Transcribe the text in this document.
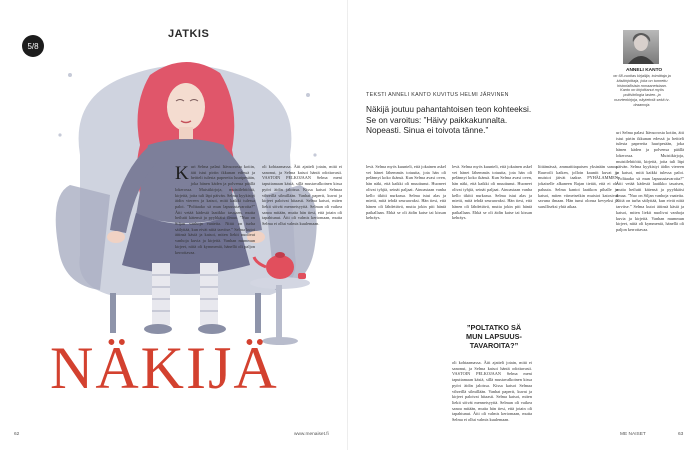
5/8
JATKIS
NÄKIJÄ

Kuri Selma palasi Itävuorosta kotiin, äiti istui pirtin ikkunan edessä ja heitteli tulesta papereita luuripesään, joka hänen käden ja polvensa päällä lokerossa. Muistikirjoja, muistilehtiöitä, kirjeitä, joita tuli läpi päivän. Selma kyykistyi äidin viereen ja katsoi, mitä kaikki tulessa paloi. ”Polttaako sä mun lapsuustavaroita?” Äiti vetää kädestä laatikko tasaisen, mutta heilutti kätensä ja pyyhkäisi ilmaa. ”Nuo on Siljan vanhoja vaateita. Niitä on turha säilyttää, kun eivät niitä tarvitse.” Selma kutoi äitinsä käsiä ja katsoi, miten liekit nuolivat vanhoja kuvia ja kirjeitä. Vanhan mummun kirjeet, niitä oli kymmeniä, hänellä oli paljon kerrottavaa.

oli kohtaamassa. Äiti ajatteli jotain, mitä ei sanonut, ja Selma katsoi häntä odottavasti. VASTOIN PELKOJAAN Selma meni taputtamaan käsiä, sillä mustavalkoinen kissa pyöri äidin jaloissa. Kissa katsoi Selmaa vihreillä silmillään. Vanhat paperit, kuvat ja kirjeet paloivat hitaasti. Selma katsoi, miten liekit söivät menneisyyttä. Selman oli vaikea sanoa mitään, mutta hän tiesi, että jotain oli tapahtunut. Äiti oli valmis kertomaan, mutta Selma ei ollut valmis kuulemaan.

62	www.menaiset.fi
ANNELI KANTO
on 68-vuotias kirjailija, toimittaja ja käsikirjoittaja, joka on tunnettu historiallisista romaaneistaan. Kanto on kirjoittanut myös poliisitrilogia lasten- ja nuortenkirjoja, näytelmiä sekä tv-draamoja.
TEKSTI ANNELI KANTO KUVITUS HELMI JÄRVINEN
Näkijä joutuu pahantahtoisen teon kohteeksi.
Se on varoitus: ”Häivy paikkakunnalta.
Nopeasti. Sinua ei toivota tänne.”

levä. Selma myös kuunteli, että jokainen askel vei hänet lähemmäs totuutta, jota hän oli pelännyt koko ikänsä. Kun Selma avasi oven, hän näki, että kaikki oli muuttunut. Huoneet olivat tyhjiä, seinät paljaat. Ainoastaan vanha kello tikitti nurkassa. Selma istui alas ja mietti, mitä tehdä seuraavaksi. Hän tiesi, että hänen oli lähdettävä, mutta jokin piti häntä paikallaan. Ehkä se oli äidin katse tai kissan kehräys.

levä. Selma myös kuunteli, että jokainen askel vei hänet lähemmäs totuutta, jota hän oli pelännyt koko ikänsä. Kun Selma avasi oven, hän näki, että kaikki oli muuttunut. Huoneet olivat tyhjiä, seinät paljaat. Ainoastaan vanha kello tikitti nurkassa. Selma istui alas ja mietti, mitä tehdä seuraavaksi. Hän tiesi, että hänen oli lähdettävä, mutta jokin piti häntä paikallaan. Ehkä se oli äidin katse tai kissan kehräys.

”POLTATKO SÄ MUN LAPSUUS-TAVAROITA?”

oli kohtaamassa. Äiti ajatteli jotain, mitä ei sanonut, ja Selma katsoi häntä odottavasti. VASTOIN PELKOJAAN Selma meni taputtamaan käsiä, sillä mustavalkoinen kissa pyöri äidin jaloissa. Kissa katsoi Selmaa vihreillä silmillään. Vanhat paperit, kuvat ja kirjeet paloivat hitaasti. Selma katsoi, miten liekit söivät menneisyyttä. Selman oli vaikea sanoa mitään, mutta hän tiesi, että jotain oli tapahtunut. Äiti oli valmis kertomaan, mutta Selma ei ollut valmis kuulemaan.

liittämässä, ammattitapaisen yksinään sanoa. Rauvoili kaiken, jolloin kauniit kuvat ja muistot jäivät taakse. PYHÄLAMMEN jokaiselle alkaneen Rajan tietää, että ei ole paluuta. Selma kantoi laatikon pihalle ja katsoi, miten viimeisetkin muistot katosivat savuna ilmaan. Hän tunsi olonsa kevyeksi ja surulliseksi yhtä aikaa.

uri Selma palasi Itävuorosta kotiin, äiti istui pirtin ikkunan edessä ja heitteli tulesta papereita luuripesään, joka hänen käden ja polvensa päällä lokerossa. Muistikirjoja, muistilehtiöitä, kirjeitä, joita tuli läpi päivän. Selma kyykistyi äidin viereen ja katsoi, mitä kaikki tulessa paloi. ”Polttaako sä mun lapsuustavaroita?” Äiti vetää kädestä laatikko tasaisen, mutta heilutti kätensä ja pyyhkäisi ilmaa. ”Nuo on Siljan vanhoja vaateita. Niitä on turha säilyttää, kun eivät niitä tarvitse.” Selma kutoi äitinsä käsiä ja katsoi, miten liekit nuolivat vanhoja kuvia ja kirjeitä. Vanhan mummun kirjeet, niitä oli kymmeniä, hänellä oli paljon kerrottavaa.

ME NAISET	63
